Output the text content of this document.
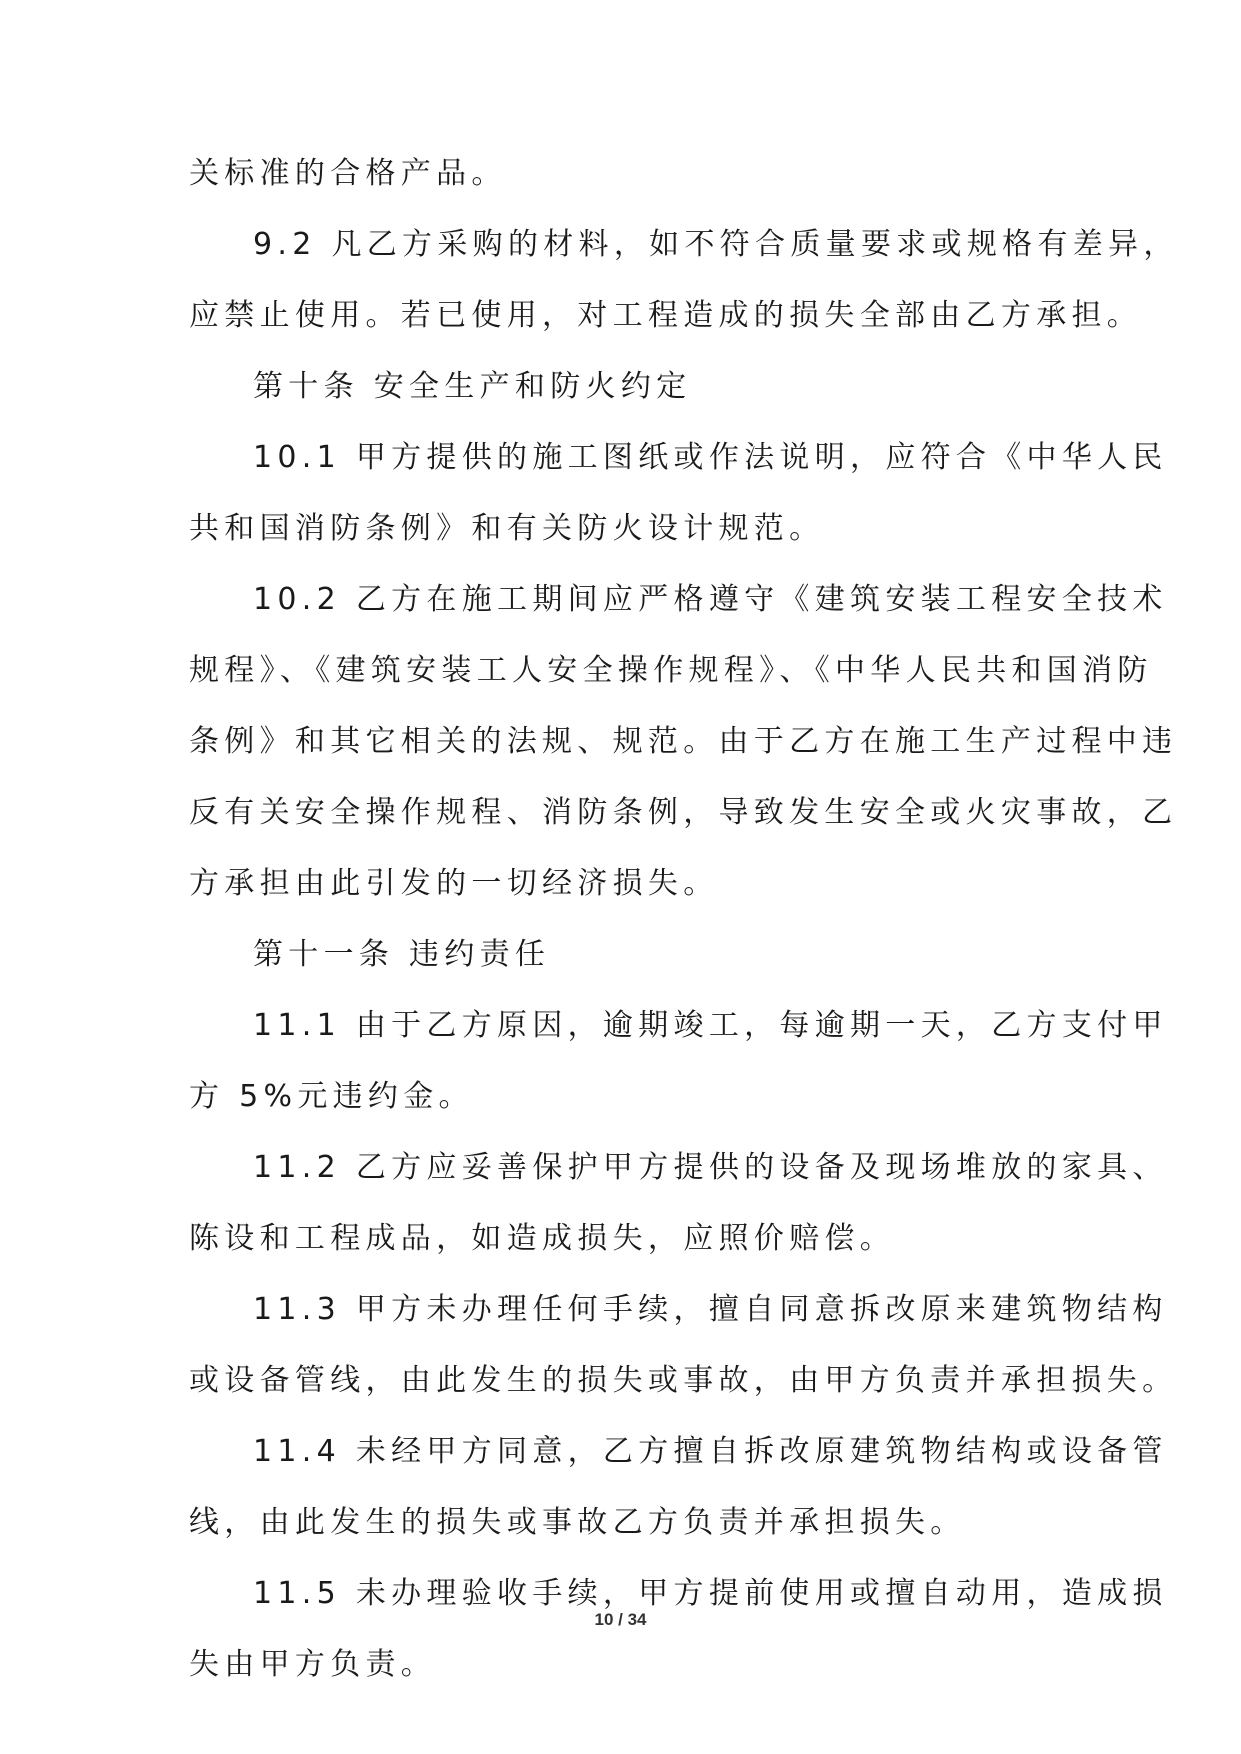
关标准的合格产品。
9.2 凡乙方采购的材料，如不符合质量要求或规格有差异，
应禁止使用。若已使用，对工程造成的损失全部由乙方承担。
第十条 安全生产和防火约定
10.1 甲方提供的施工图纸或作法说明，应符合《中华人民
共和国消防条例》和有关防火设计规范。
10.2 乙方在施工期间应严格遵守《建筑安装工程安全技术
规程》、《建筑安装工人安全操作规程》、《中华人民共和国消防
条例》和其它相关的法规、规范。由于乙方在施工生产过程中违
反有关安全操作规程、消防条例，导致发生安全或火灾事故，乙
方承担由此引发的一切经济损失。
第十一条 违约责任
11.1 由于乙方原因，逾期竣工，每逾期一天，乙方支付甲
方 5%元违约金。
11.2 乙方应妥善保护甲方提供的设备及现场堆放的家具、
陈设和工程成品，如造成损失，应照价赔偿。
11.3 甲方未办理任何手续，擅自同意拆改原来建筑物结构
或设备管线，由此发生的损失或事故，由甲方负责并承担损失。
11.4 未经甲方同意，乙方擅自拆改原建筑物结构或设备管
线，由此发生的损失或事故乙方负责并承担损失。
11.5 未办理验收手续，甲方提前使用或擅自动用，造成损
失由甲方负责。
10 / 34
